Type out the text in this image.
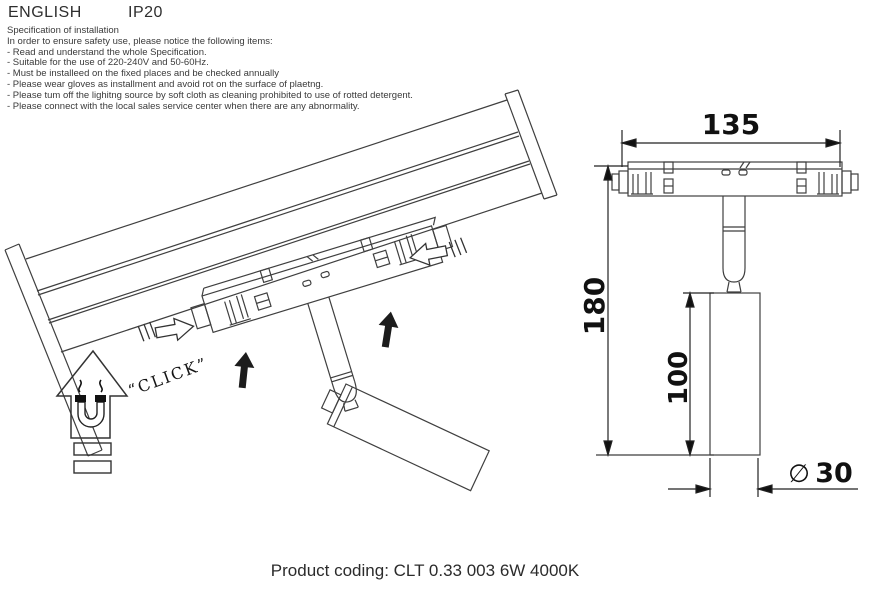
“CLICK”
135
180
100
∅ 30
ENGLISH	IP20
Specification of installation
In order to ensure safety use, please notice the following items:
- Read and understand the whole Specification.
- Suitable for the use of 220-240V and 50-60Hz.
- Must be installeed on the fixed places and be checked annually
- Please wear gloves as installment and avoid rot on the surface of plaetng.
- Please tum off the lighitng source by soft cloth as cleaning prohibited to use of rotted detergent.
- Please connect with the local sales service center when there are any abnormality.
Product coding: CLT 0.33 003 6W 4000K
